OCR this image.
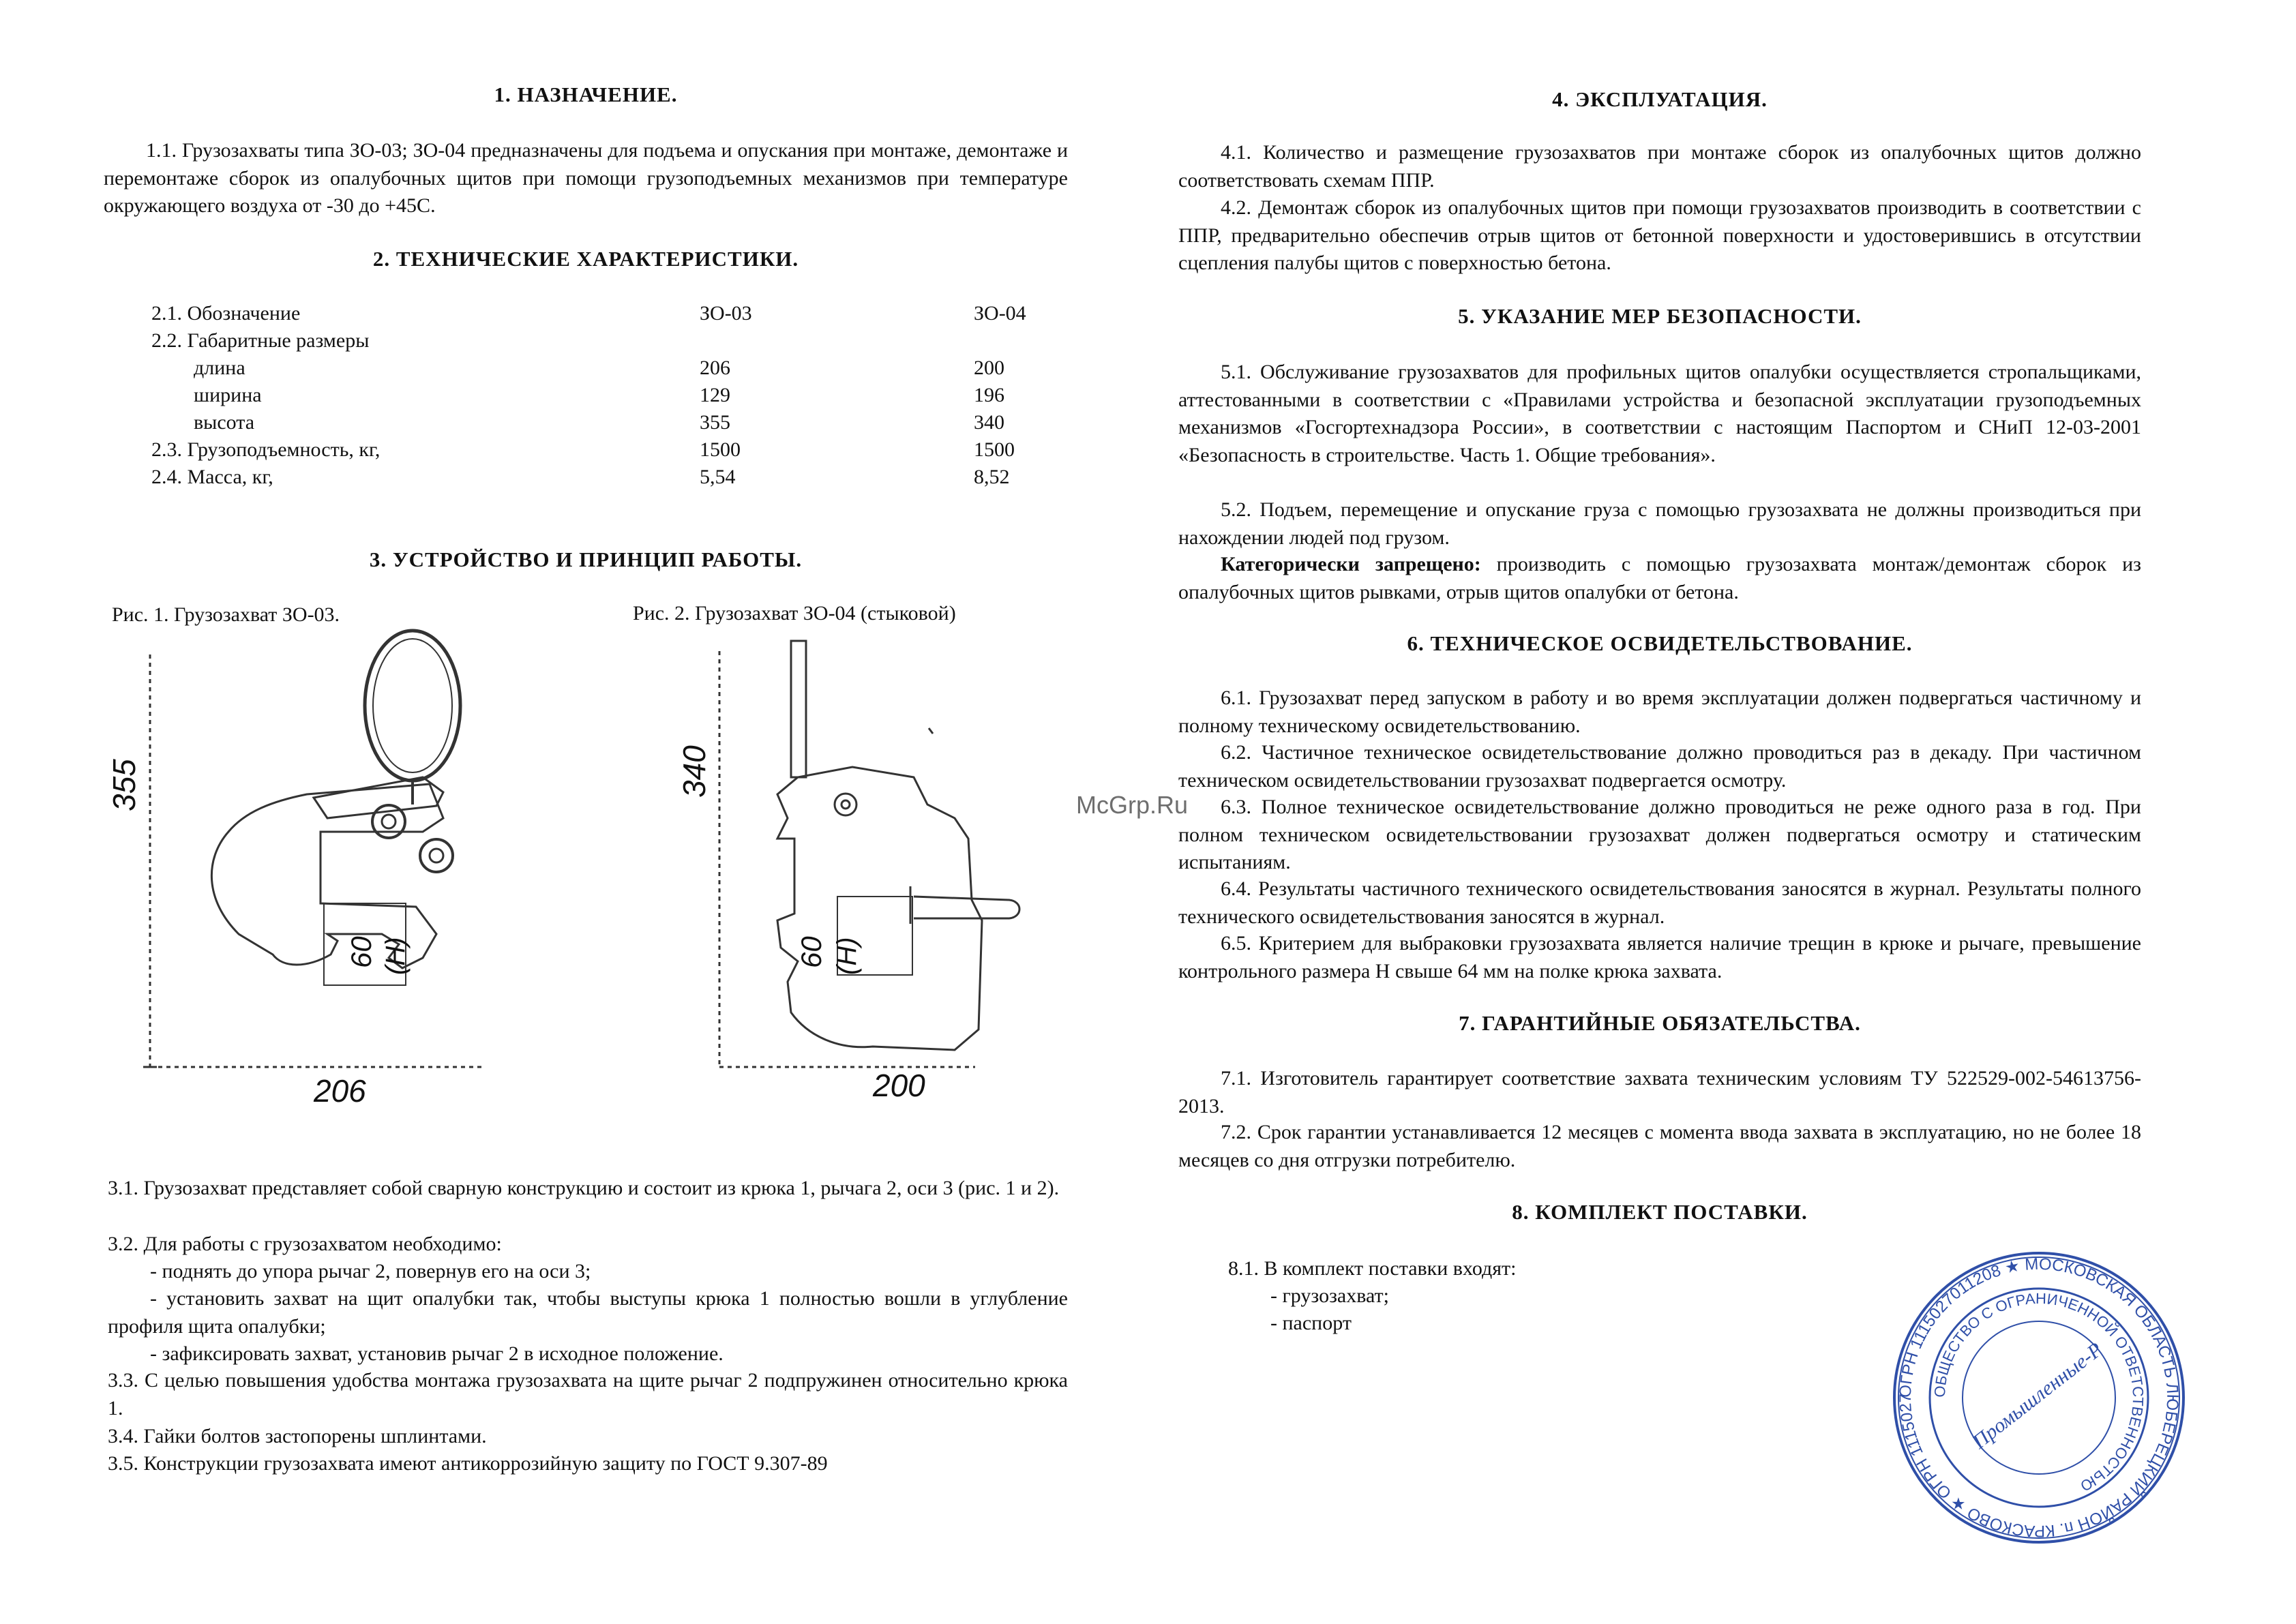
1. НАЗНАЧЕНИЕ.

1.1. Грузозахваты типа ЗО-03; ЗО-04 предназначены для подъема и опускания при монтаже, демонтаже и перемонтаже сборок из опалубочных щитов при помощи грузоподъемных механизмов при температуре окружающего воздуха от -30 до +45С.

2. ТЕХНИЧЕСКИЕ ХАРАКТЕРИСТИКИ.
2.1. Обозначение	ЗО-03	ЗО-04
2.2. Габаритные размеры		
длина	206	200
ширина	129	196
высота	355	340
2.3. Грузоподъемность, кг,	1500	1500
2.4. Масса, кг,	5,54	8,52
3. УСТРОЙСТВО И ПРИНЦИП РАБОТЫ.
Рис. 1. Грузозахват ЗО-03.	Рис. 2. Грузозахват ЗО-04 (стыковой)
355
206
60 (H)
340
200
60 (H)

3.1. Грузозахват представляет собой сварную конструкцию и состоит из крюка 1, рычага 2, оси 3 (рис. 1 и 2).

3.2. Для работы с грузозахватом необходимо:

- поднять до упора рычаг 2, повернув его на оси 3;

- установить захват на щит опалубки так, чтобы выступы крюка 1 полностью вошли в углубление профиля щита опалубки;

- зафиксировать захват, установив рычаг 2 в исходное положение.

3.3. С целью повышения удобства монтажа грузозахвата на щите рычаг 2 подпружинен относительно крюка 1.

3.4. Гайки болтов застопорены шплинтами.

3.5. Конструкции грузозахвата имеют антикоррозийную защиту по ГОСТ 9.307-89

4. ЭКСПЛУАТАЦИЯ.

4.1. Количество и размещение грузозахватов при монтаже сборок из опалубочных щитов должно соответствовать схемам ППР.

4.2. Демонтаж сборок из опалубочных щитов при помощи грузозахватов производить в соответствии с ППР, предварительно обеспечив отрыв щитов от бетонной поверхности и удостоверившись в отсутствии сцепления палубы щитов с поверхностью бетона.

5. УКАЗАНИЕ МЕР БЕЗОПАСНОСТИ.

5.1. Обслуживание грузозахватов для профильных щитов опалубки осуществляется стропальщиками, аттестованными в соответствии с «Правилами устройства и безопасной эксплуатации грузоподъемных механизмов «Госгортехнадзора России», в соответствии с настоящим Паспортом и СНиП 12-03-2001 «Безопасность в строительстве. Часть 1. Общие требования».

5.2. Подъем, перемещение и опускание груза с помощью грузозахвата не должны производиться при нахождении людей под грузом.

Категорически запрещено: производить с помощью грузозахвата монтаж/демонтаж сборок из опалубочных щитов рывками, отрыв щитов опалубки от бетона.

6. ТЕХНИЧЕСКОЕ ОСВИДЕТЕЛЬСТВОВАНИЕ.

6.1. Грузозахват перед запуском в работу и во время эксплуатации должен подвергаться частичному и полному техническому освидетельствованию.

6.2. Частичное техническое освидетельствование должно проводиться раз в декаду. При частичном техническом освидетельствовании грузозахват подвергается осмотру.

6.3. Полное техническое освидетельствование должно проводиться не реже одного раза в год. При полном техническом освидетельствовании грузозахват должен подвергаться осмотру и статическим испытаниям.

6.4. Результаты частичного технического освидетельствования заносятся в журнал. Результаты полного технического освидетельствования заносятся в журнал.

6.5. Критерием для выбраковки грузозахвата является наличие трещин в крюке и рычаге, превышение контрольного размера H свыше 64 мм на полке крюка захвата.

7. ГАРАНТИЙНЫЕ ОБЯЗАТЕЛЬСТВА.

7.1. Изготовитель гарантирует соответствие захвата техническим условиям ТУ 522529-002-54613756-2013.

7.2. Срок гарантии устанавливается 12 месяцев с момента ввода захвата в эксплуатацию, но не более 18 месяцев со дня отгрузки потребителю.

8. КОМПЛЕКТ ПОСТАВКИ.

8.1. В комплект поставки входят:

- грузозахват;

- паспорт

McGrp.Ru
ОГРН 1115027011208 ★ МОСКОВСКАЯ ОБЛАСТЬ ЛЮБЕРЕЦКИЙ РАЙОН п. КРАСКОВО ★ ОГРН 1115027
ОБЩЕСТВО С ОГРАНИЧЕННОЙ ОТВЕТСТВЕННОСТЬЮ
Промышленные-Р
